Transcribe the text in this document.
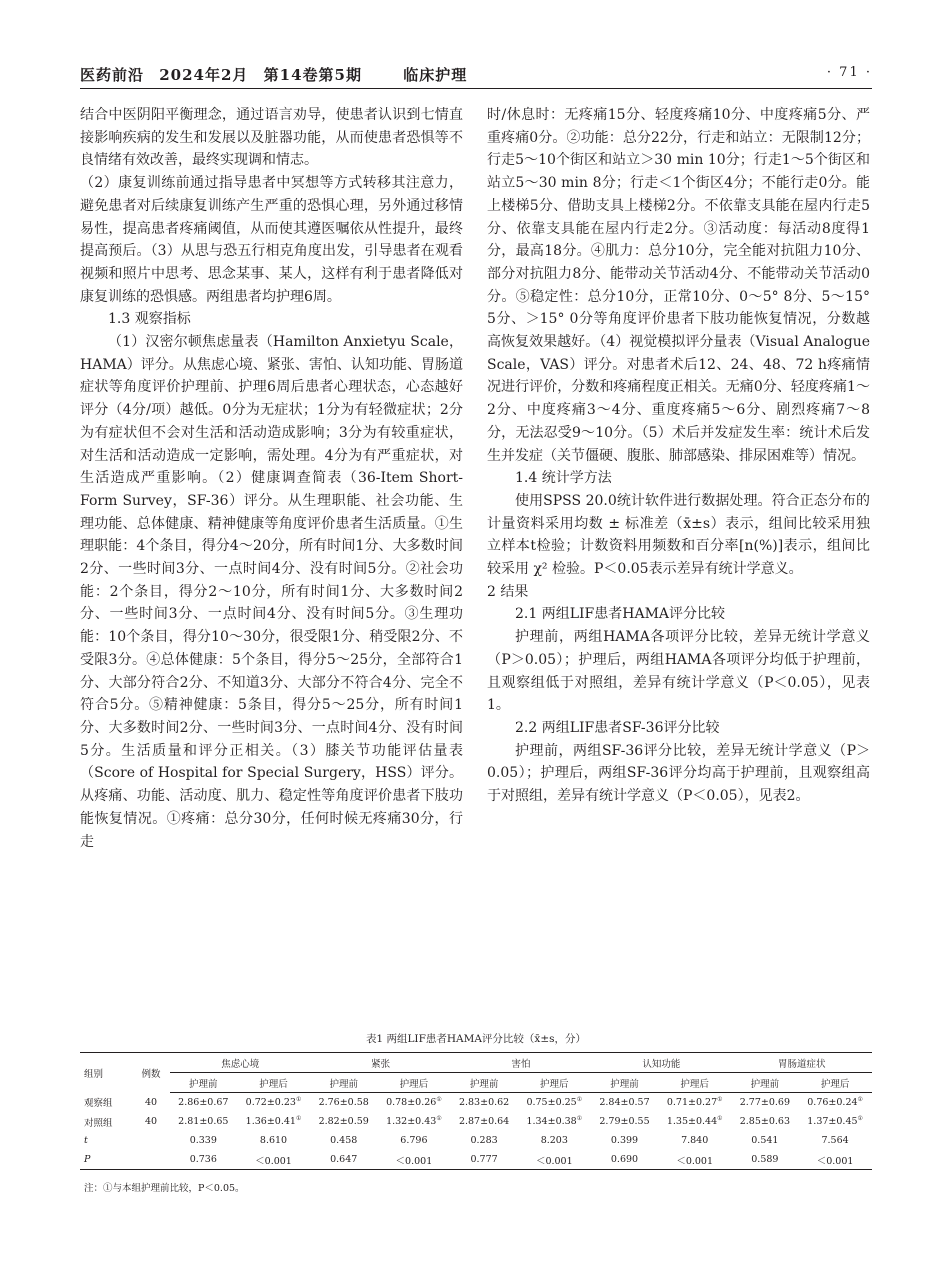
医药前沿 2024年2月 第14卷第5期	临床护理	· 71 ·

结合中医阴阳平衡理念，通过语言劝导，使患者认识到七情直接影响疾病的发生和发展以及脏器功能，从而使患者恐惧等不良情绪有效改善，最终实现调和情志。

（2）康复训练前通过指导患者中冥想等方式转移其注意力，避免患者对后续康复训练产生严重的恐惧心理，另外通过移情易性，提高患者疼痛阈值，从而使其遵医嘱依从性提升，最终提高预后。（3）从思与恐五行相克角度出发，引导患者在观看视频和照片中思考、思念某事、某人，这样有利于患者降低对康复训练的恐惧感。两组患者均护理6周。

1.3 观察指标

（1）汉密尔顿焦虑量表（Hamilton Anxietyu Scale，HAMA）评分。从焦虑心境、紧张、害怕、认知功能、胃肠道症状等角度评价护理前、护理6周后患者心理状态，心态越好评分（4分/项）越低。0分为无症状；1分为有轻微症状；2分为有症状但不会对生活和活动造成影响；3分为有较重症状，对生活和活动造成一定影响，需处理。4分为有严重症状，对生活造成严重影响。（2）健康调查简表（36-Item Short-Form Survey，SF-36）评分。从生理职能、社会功能、生理功能、总体健康、精神健康等角度评价患者生活质量。①生理职能：4个条目，得分4～20分，所有时间1分、大多数时间2分、一些时间3分、一点时间4分、没有时间5分。②社会功能：2个条目，得分2～10分，所有时间1分、大多数时间2分、一些时间3分、一点时间4分、没有时间5分。③生理功能：10个条目，得分10～30分，很受限1分、稍受限2分、不受限3分。④总体健康：5个条目，得分5～25分，全部符合1分、大部分符合2分、不知道3分、大部分不符合4分、完全不符合5分。⑤精神健康：5条目，得分5～25分，所有时间1分、大多数时间2分、一些时间3分、一点时间4分、没有时间5分。生活质量和评分正相关。（3）膝关节功能评估量表（Score of Hospital for Special Surgery，HSS）评分。从疼痛、功能、活动度、肌力、稳定性等角度评价患者下肢功能恢复情况。①疼痛：总分30分，任何时候无疼痛30分，行走

时/休息时：无疼痛15分、轻度疼痛10分、中度疼痛5分、严重疼痛0分。②功能：总分22分，行走和站立：无限制12分；行走5～10个街区和站立＞30 min 10分；行走1～5个街区和站立5～30 min 8分；行走＜1个街区4分；不能行走0分。能上楼梯5分、借助支具上楼梯2分。不依靠支具能在屋内行走5分、依靠支具能在屋内行走2分。③活动度：每活动8度得1分，最高18分。④肌力：总分10分，完全能对抗阻力10分、部分对抗阻力8分、能带动关节活动4分、不能带动关节活动0分。⑤稳定性：总分10分，正常10分、0～5° 8分、5～15° 5分、＞15° 0分等角度评价患者下肢功能恢复情况，分数越高恢复效果越好。（4）视觉模拟评分量表（Visual Analogue Scale，VAS）评分。对患者术后12、24、48、72 h疼痛情况进行评价，分数和疼痛程度正相关。无痛0分、轻度疼痛1～2分、中度疼痛3～4分、重度疼痛5～6分、剧烈疼痛7～8分，无法忍受9～10分。（5）术后并发症发生率：统计术后发生并发症（关节僵硬、腹胀、肺部感染、排尿困难等）情况。

1.4 统计学方法

使用SPSS 20.0统计软件进行数据处理。符合正态分布的计量资料采用均数 ± 标准差（x̄±s）表示，组间比较采用独立样本t检验；计数资料用频数和百分率[n(%)]表示，组间比较采用 χ² 检验。P＜0.05表示差异有统计学意义。

2 结果

2.1 两组LIF患者HAMA评分比较

护理前，两组HAMA各项评分比较，差异无统计学意义（P＞0.05）；护理后，两组HAMA各项评分均低于护理前，且观察组低于对照组，差异有统计学意义（P＜0.05），见表1。

2.2 两组LIF患者SF-36评分比较

护理前，两组SF-36评分比较，差异无统计学意义（P＞0.05）；护理后，两组SF-36评分均高于护理前，且观察组高于对照组，差异有统计学意义（P＜0.05），见表2。

表1 两组LIF患者HAMA评分比较（x̄±s，分）
组别	例数	焦虑心境		紧张		害怕		认知功能		胃肠道症状	
		护理前	护理后	护理前	护理后	护理前	护理后	护理前	护理后	护理前	护理后
观察组	40	2.86±0.67	0.72±0.23①	2.76±0.58	0.78±0.26①	2.83±0.62	0.75±0.25①	2.84±0.57	0.71±0.27①	2.77±0.69	0.76±0.24①
对照组	40	2.81±0.65	1.36±0.41①	2.82±0.59	1.32±0.43①	2.87±0.64	1.34±0.38①	2.79±0.55	1.35±0.44①	2.85±0.63	1.37±0.45①
t		0.339	8.610	0.458	6.796	0.283	8.203	0.399	7.840	0.541	7.564
P		0.736	＜0.001	0.647	＜0.001	0.777	＜0.001	0.690	＜0.001	0.589	＜0.001
注：①与本组护理前比较，P＜0.05。
